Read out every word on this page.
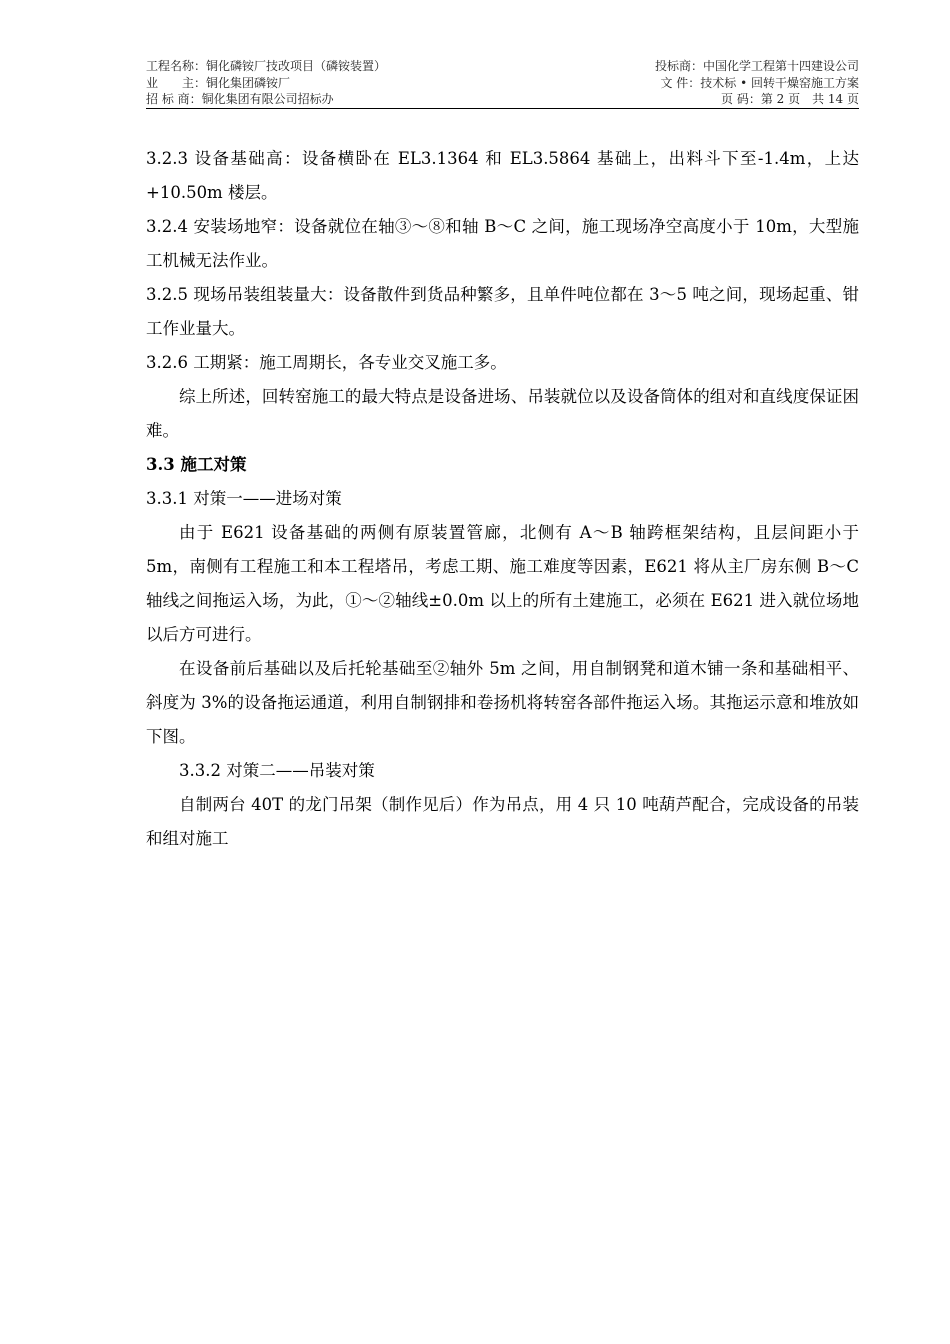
工程名称：铜化磷铵厂技改项目（磷铵装置）	投标商：中国化学工程第十四建设公司
业　　主：铜化集团磷铵厂	文 件：技术标 • 回转干燥窑施工方案
招 标 商：铜化集团有限公司招标办	页 码：第 2 页　共 14 页

3.2.3 设备基础高：设备横卧在 EL3.1364 和 EL3.5864 基础上，出料斗下至-1.4m，上达+10.50m 楼层。

3.2.4 安装场地窄：设备就位在轴③～⑧和轴 B～C 之间，施工现场净空高度小于 10m，大型施工机械无法作业。

3.2.5 现场吊装组装量大：设备散件到货品种繁多，且单件吨位都在 3～5 吨之间，现场起重、钳工作业量大。

3.2.6 工期紧：施工周期长，各专业交叉施工多。

综上所述，回转窑施工的最大特点是设备进场、吊装就位以及设备筒体的组对和直线度保证困难。

3.3 施工对策

3.3.1 对策一——进场对策

由于 E621 设备基础的两侧有原装置管廊，北侧有 A～B 轴跨框架结构，且层间距小于 5m，南侧有工程施工和本工程塔吊，考虑工期、施工难度等因素，E621 将从主厂房东侧 B～C 轴线之间拖运入场，为此，①～②轴线±0.0m 以上的所有土建施工，必须在 E621 进入就位场地以后方可进行。

在设备前后基础以及后托轮基础至②轴外 5m 之间，用自制钢凳和道木铺一条和基础相平、斜度为 3%的设备拖运通道，利用自制钢排和卷扬机将转窑各部件拖运入场。其拖运示意和堆放如下图。

3.3.2 对策二——吊装对策

自制两台 40T 的龙门吊架（制作见后）作为吊点，用 4 只 10 吨葫芦配合，完成设备的吊装和组对施工
